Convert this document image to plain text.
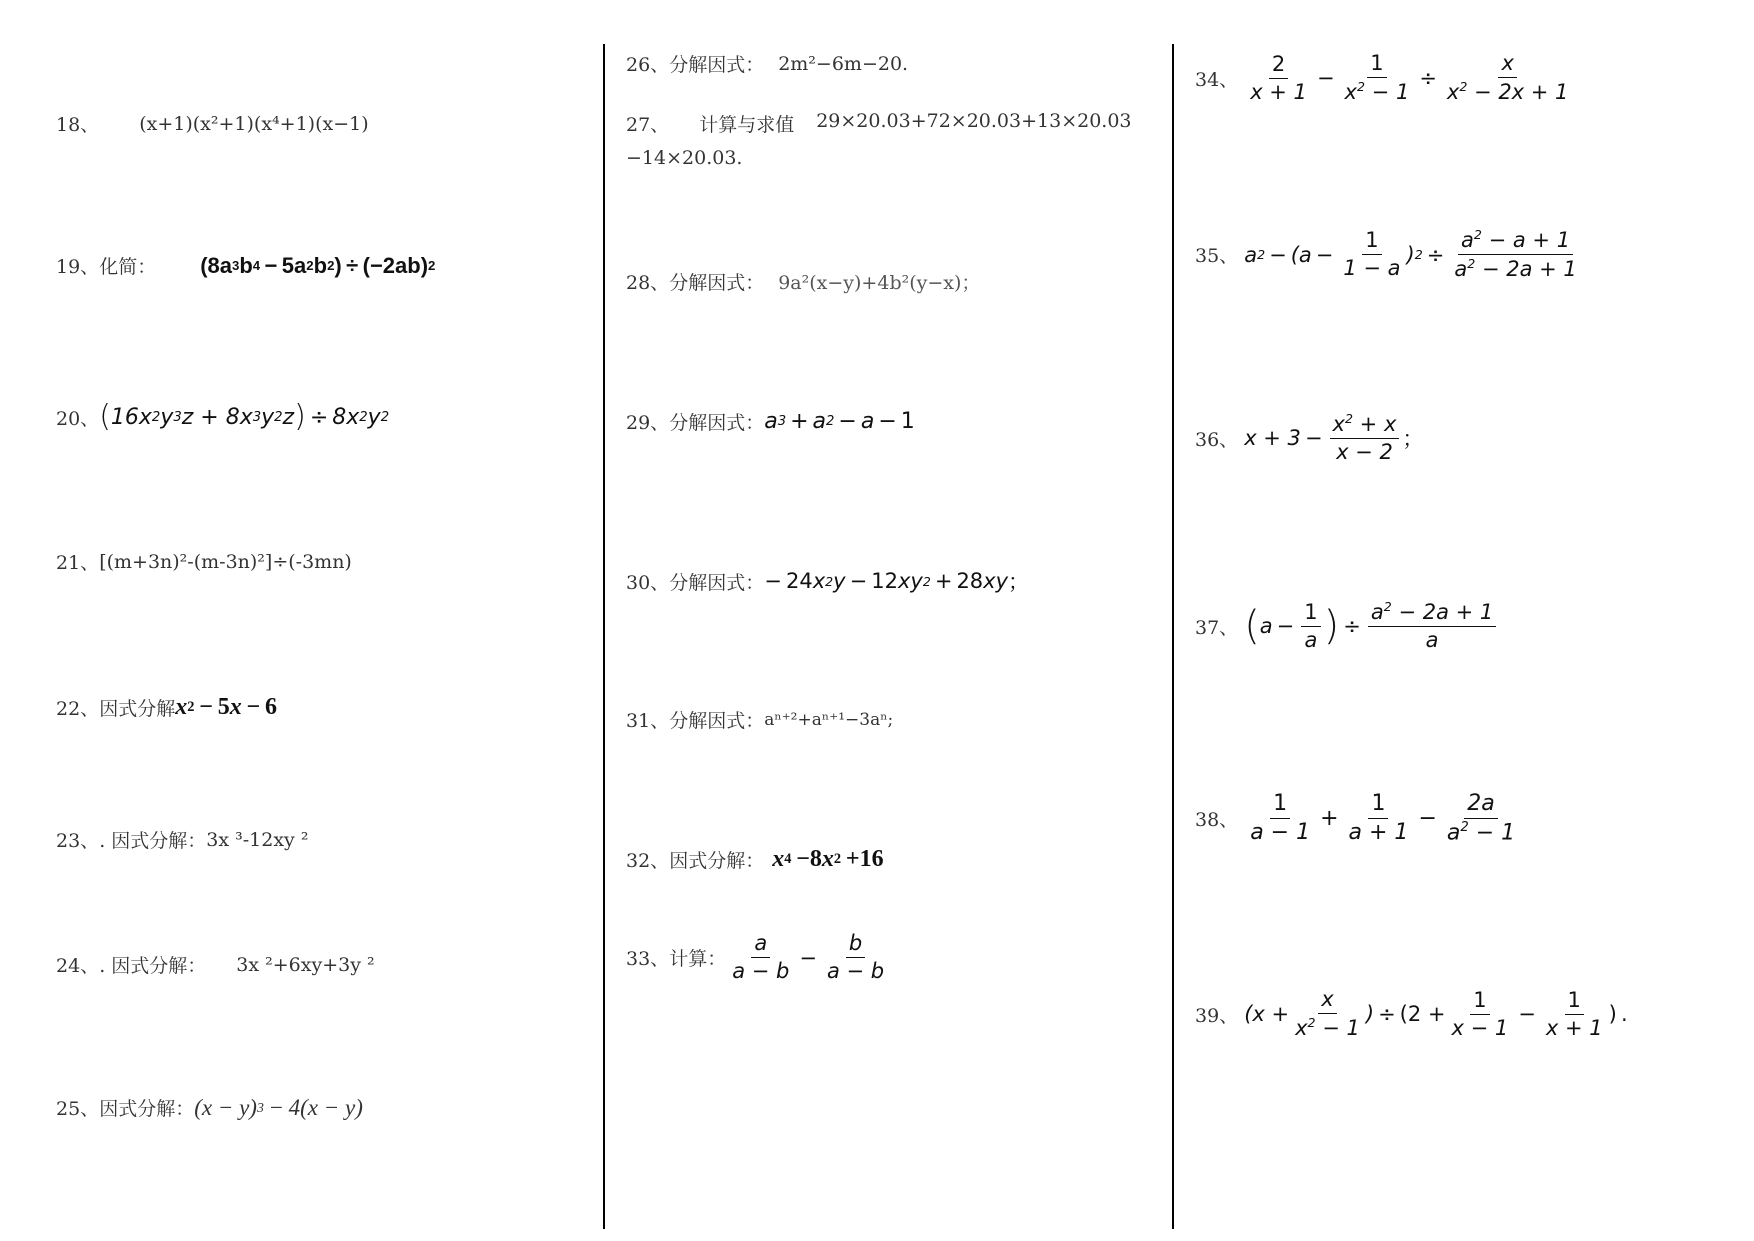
18、 (x+1)(x²+1)(x⁴+1)(x−1)
19、 化简： (8a 3 b 4  − 5a 2 b 2 ) ÷ (−2ab) 2
20、 ( 16x 2 y 3 z + 8x 3 y 2 z ) ÷ 8x 2 y 2
21、 [(m+3n)²-(m-3n)²]÷(-3mn)
22、 因式分解 x 2  − 5 x  − 6
23、 . 因式分解： 3x ³-12xy ²
24、 . 因式分解： 3x ²+6xy+3y ²
25、 因式分解： (x − y) 3  − 4(x − y)
26、 分解因式： 2m²−6m−20.
27、 计算与求值 29×20.03+72×20.03+13×20.03
−14×20.03.
28、 分解因式： 9a²(x−y)+4b²(y−x)；
29、 分解因式： a 3 + a 2 − a − 1
30、 分解因式： − 24 x 2 y − 12 xy 2 + 28 xy ；
31、 分解因式： aⁿ⁺²+aⁿ⁺¹−3aⁿ;
32、 因式分解： x 4  −8 x 2  +16
33、 计算： $\frac{a}{a - b} - \frac{b}{a - b}$
34、 $\frac{2}{x + 1} - \frac{1}{x^2 - 1} \div \frac{x}{x^2 - 2x + 1}$
35、 a $2 - (a - \frac{1}{1 - a}$ ) $2 \div \frac{a^2 - a + 1}{a^2 - 2a + 1}$
36、 $x + 3 - \frac{x^2 + x}{x - 2}$ ；
37、 ( $a - \frac{1}{a}$ ) ÷ $\frac{a^2 - 2a + 1}{a}$
38、 $\frac{1}{a - 1} + \frac{1}{a + 1} - \frac{2a}{a^2 - 1}$
39、 ($x + \frac{x}{x^2 - 1}$ ) ÷ ($2 + \frac{1}{x - 1} - \frac{1}{x + 1}$ ) .
